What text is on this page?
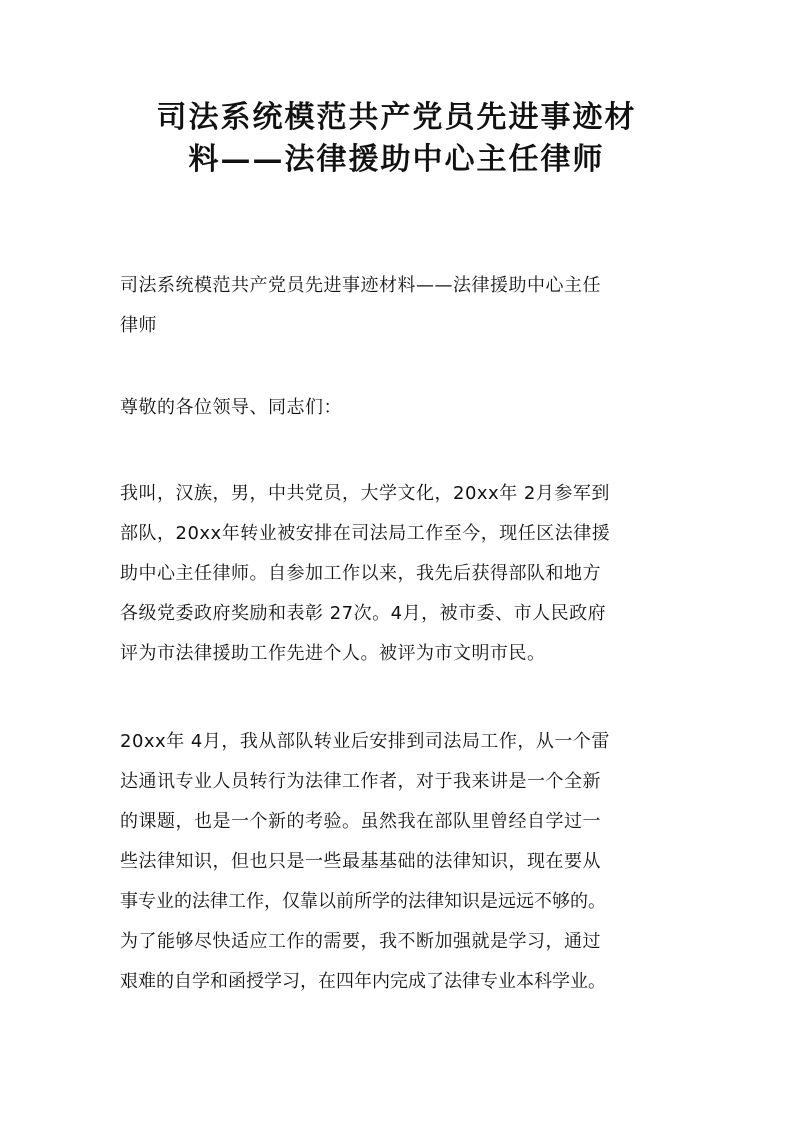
司法系统模范共产党员先进事迹材
料——法律援助中心主任律师
司法系统模范共产党员先进事迹材料——法律援助中心主任
律师
尊敬的各位领导、同志们：
我叫，汉族，男，中共党员，大学文化，20xx年 2月参军到
部队，20xx年转业被安排在司法局工作至今，现任区法律援
助中心主任律师。自参加工作以来，我先后获得部队和地方
各级党委政府奖励和表彰 27次。4月，被市委、市人民政府
评为市法律援助工作先进个人。被评为市文明市民。
20xx年 4月，我从部队转业后安排到司法局工作，从一个雷
达通讯专业人员转行为法律工作者，对于我来讲是一个全新
的课题，也是一个新的考验。虽然我在部队里曾经自学过一
些法律知识，但也只是一些最基基础的法律知识，现在要从
事专业的法律工作，仅靠以前所学的法律知识是远远不够的。
为了能够尽快适应工作的需要，我不断加强就是学习，通过
艰难的自学和函授学习，在四年内完成了法律专业本科学业。
